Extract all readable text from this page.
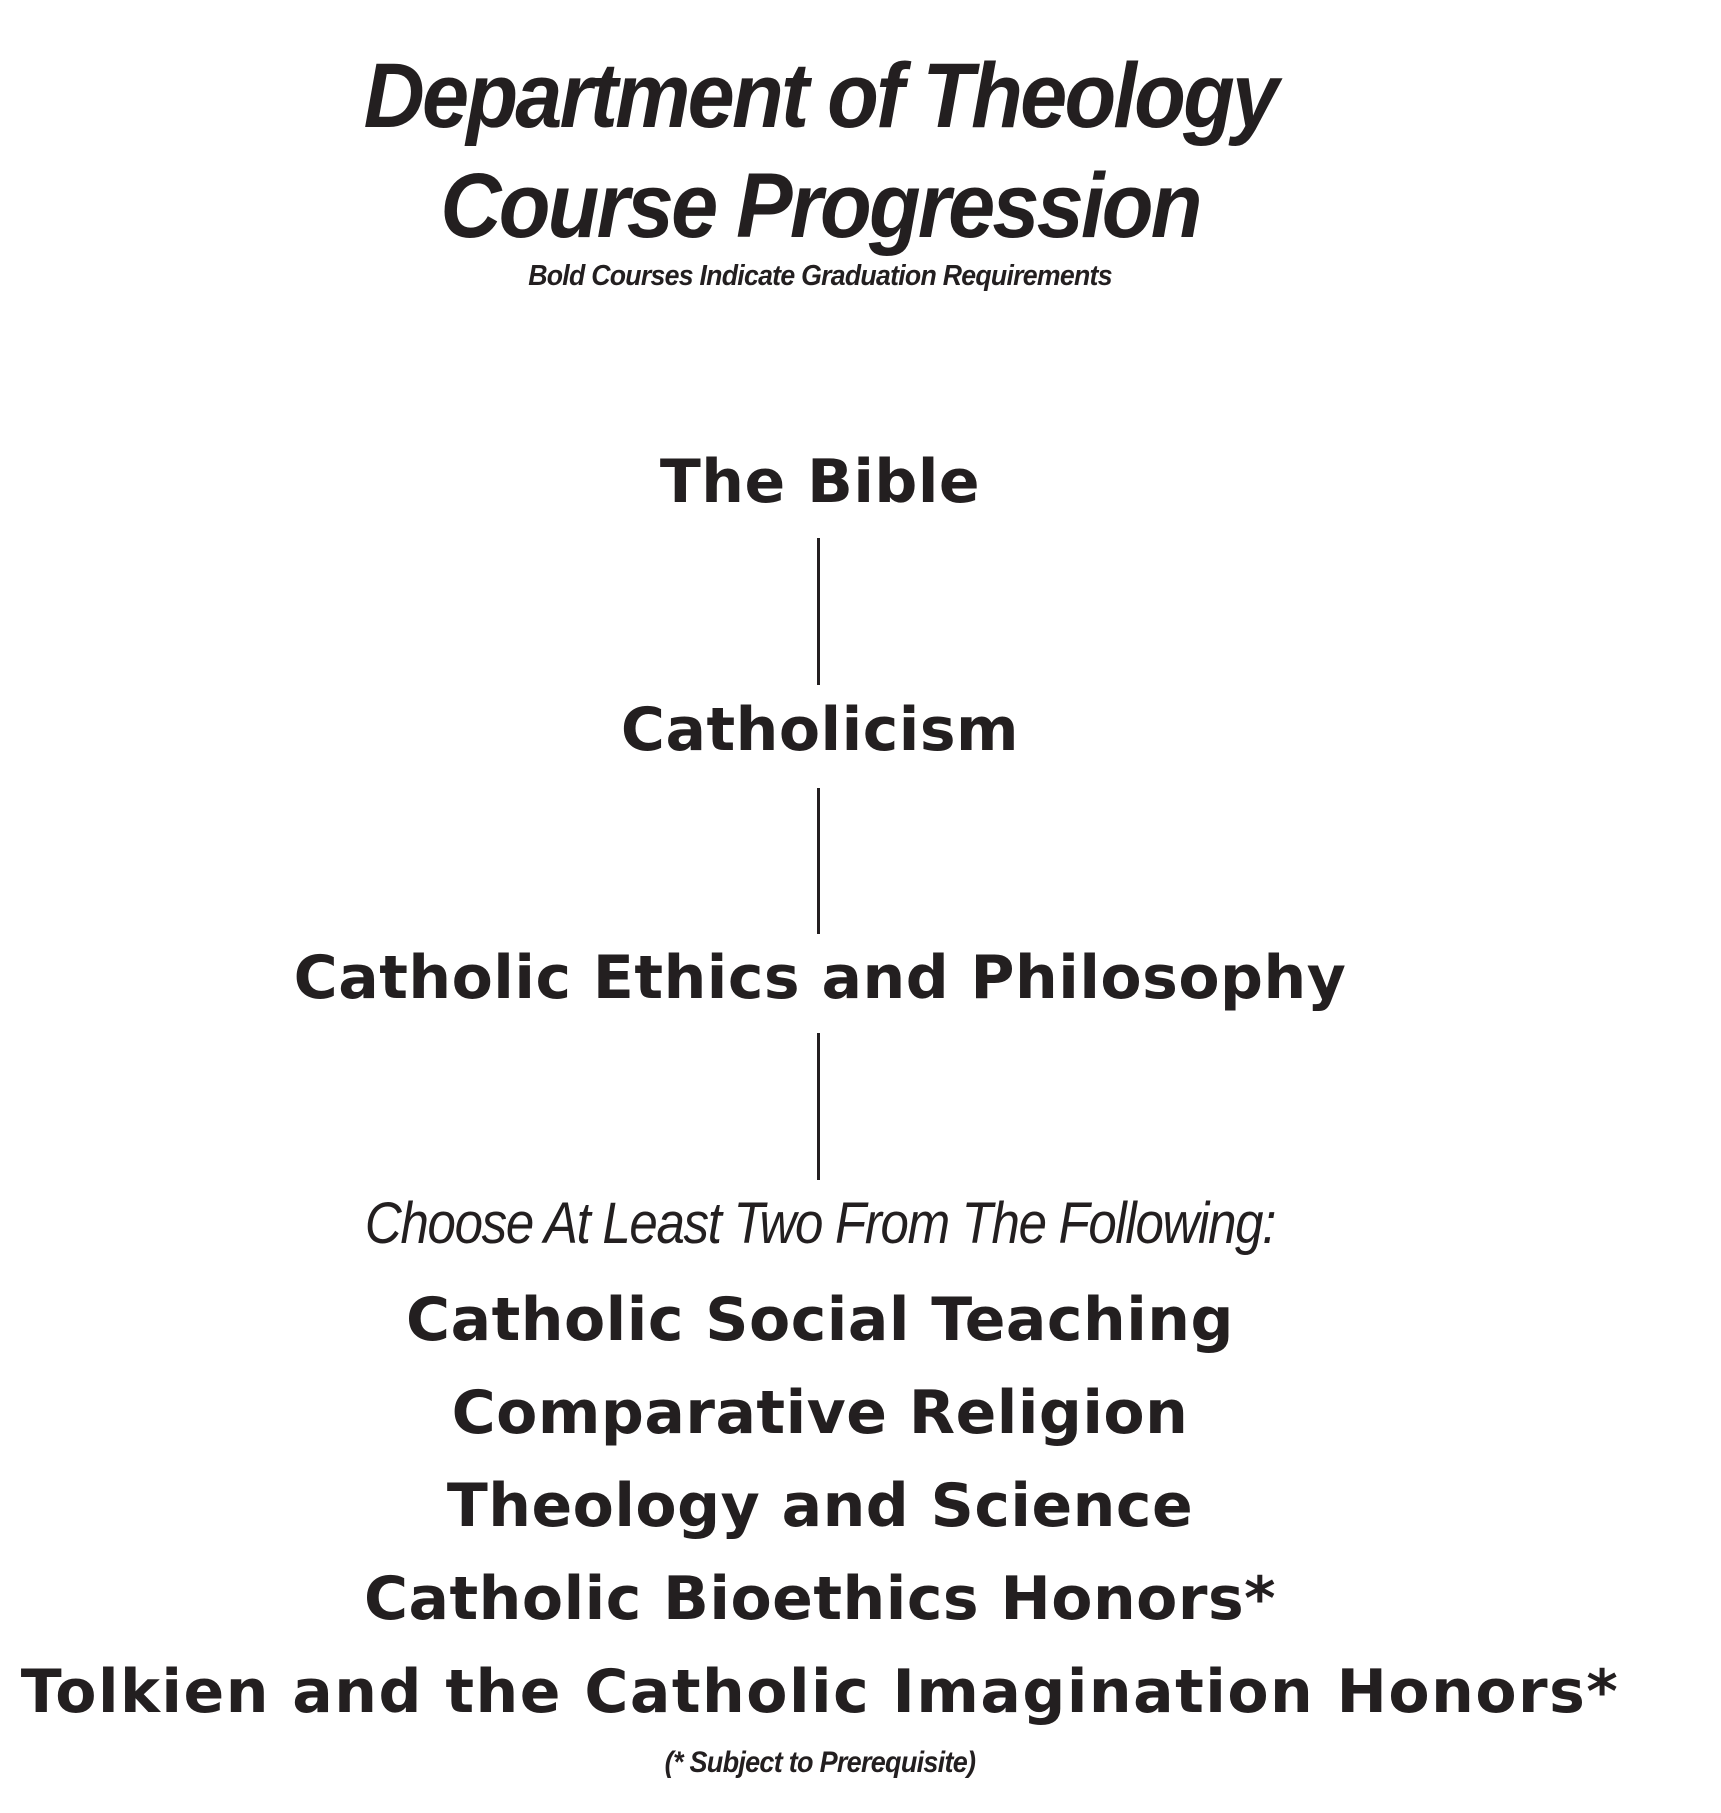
Department of Theology
Course Progression
Bold Courses Indicate Graduation Requirements
The Bible
Catholicism
Catholic Ethics and Philosophy
Choose At Least Two From The Following:
Catholic Social Teaching
Comparative Religion
Theology and Science
Catholic Bioethics Honors*
Tolkien and the Catholic Imagination Honors*
(* Subject to Prerequisite)
